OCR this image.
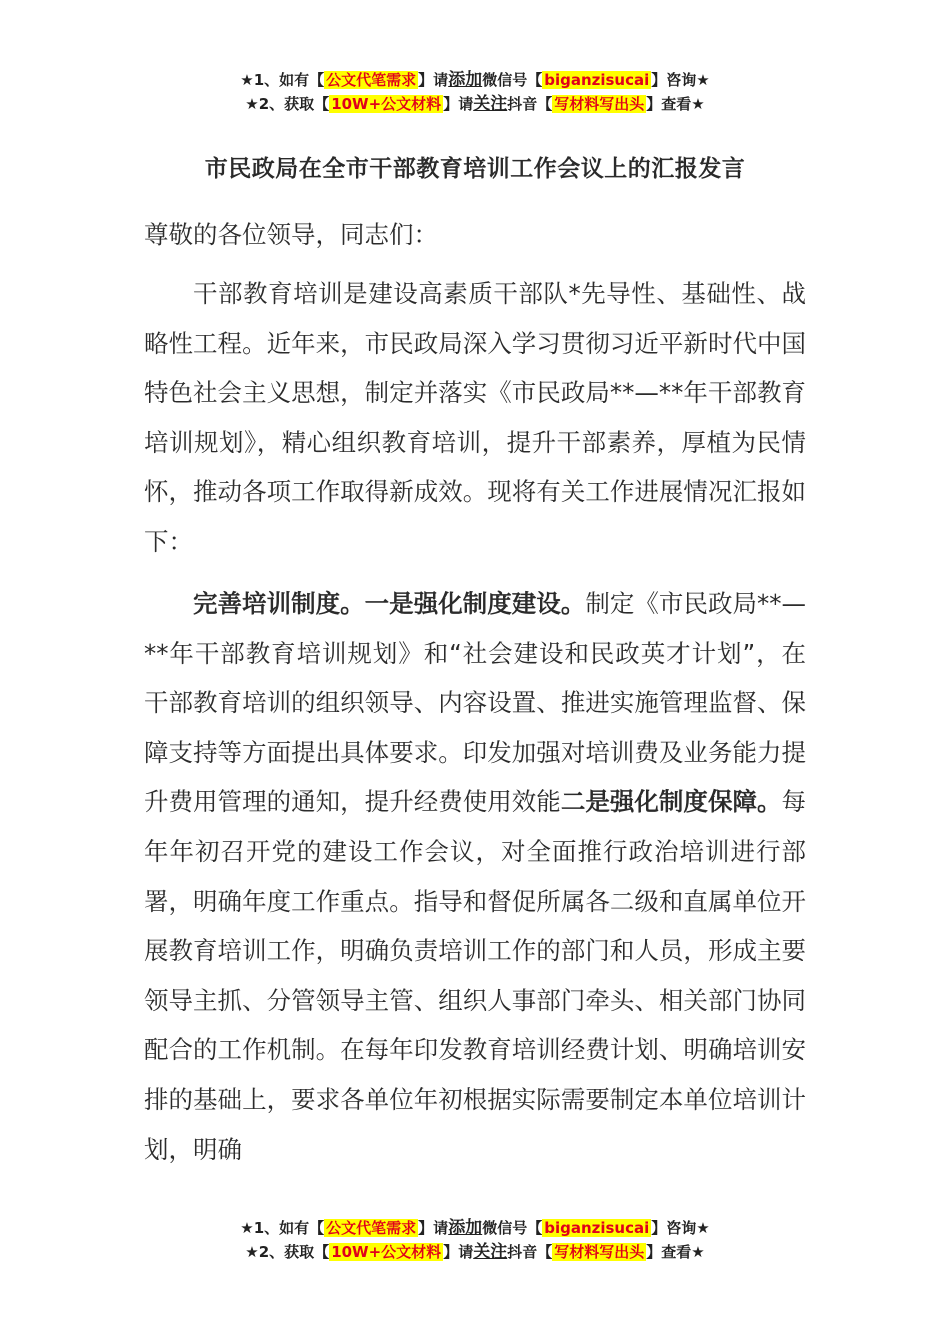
★1、如有【 公文代笔需求 】请添加微信号【 biganzisucai 】咨询★
★2、获取【 10W+公文材料 】请关注抖音【 写材料写出头 】查看★
市民政局在全市干部教育培训工作会议上的汇报发言
尊敬的各位领导，同志们：

干部教育培训是建设高素质干部队*先导性、基础性、战略性工程。近年来，市民政局深入学习贯彻习近平新时代中国特色社会主义思想，制定并落实《市民政局**—**年干部教育培训规划》，精心组织教育培训，提升干部素养，厚植为民情怀，推动各项工作取得新成效。现将有关工作进展情况汇报如下：

完善培训制度。一是强化制度建设。制定《市民政局**—**年干部教育培训规划》和“社会建设和民政英才计划”，在干部教育培训的组织领导、内容设置、推进实施管理监督、保障支持等方面提出具体要求。印发加强对培训费及业务能力提升费用管理的通知，提升经费使用效能二是强化制度保障。每年年初召开党的建设工作会议，对全面推行政治培训进行部署，明确年度工作重点。指导和督促所属各二级和直属单位开展教育培训工作，明确负责培训工作的部门和人员，形成主要领导主抓、分管领导主管、组织人事部门牵头、相关部门协同配合的工作机制。在每年印发教育培训经费计划、明确培训安排的基础上，要求各单位年初根据实际需要制定本单位培训计划，明确

★1、如有【 公文代笔需求 】请添加微信号【 biganzisucai 】咨询★
★2、获取【 10W+公文材料 】请关注抖音【 写材料写出头 】查看★
